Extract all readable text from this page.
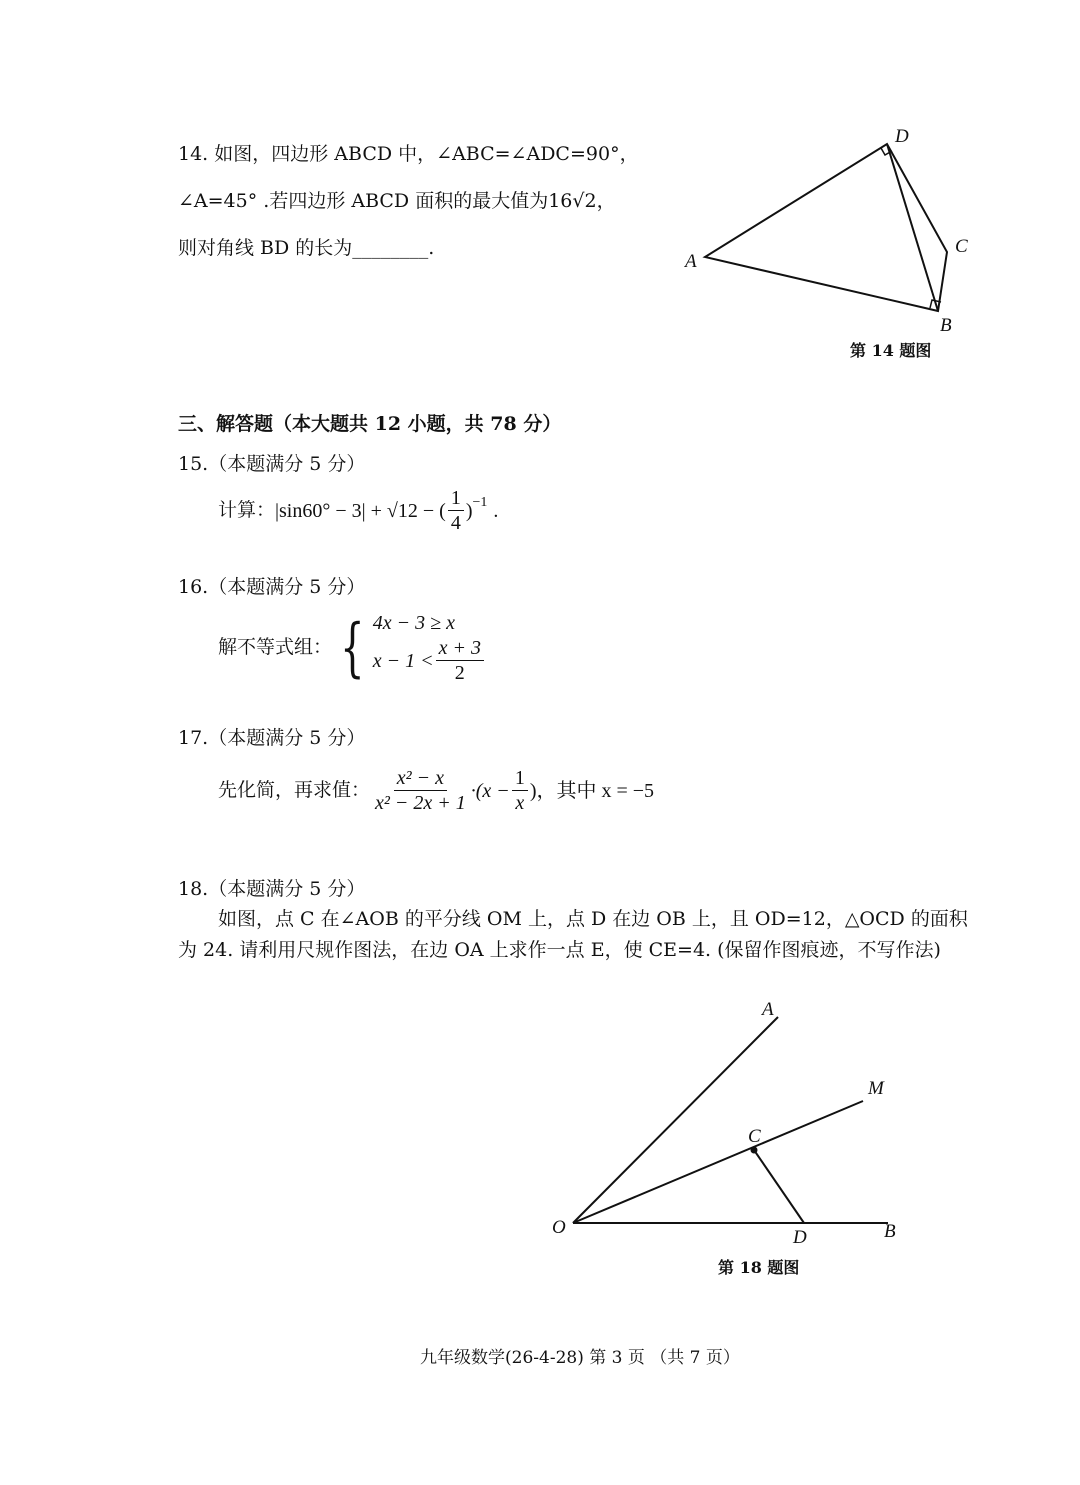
14. 如图，四边形 ABCD 中，∠ABC=∠ADC=90°，
∠A=45° .若四边形 ABCD 面积的最大值为16√2，
则对角线 BD 的长为________.
D
C
A
B
第 14 题图
三、解答题（本大题共 12 小题，共 78 分）
15.（本题满分 5 分）
计算： |sin60° − 3| + √12 − ( $\frac{1}{4} )^{-1}$ .
16.（本题满分 5 分）
解不等式组： { 4x − 3 ≥ x
$x - 1 < \frac{x + 3}{2}$
17.（本题满分 5 分）
先化简，再求值： $\frac{\text{x² − x}}{\text{x² − 2x + 1}} \cdot(x - \frac{1}{x}$ )，其中 x = −5
18.（本题满分 5 分）
如图，点 C 在∠AOB 的平分线 OM 上，点 D 在边 OB 上，且 OD=12，△OCD 的面积
为 24. 请利用尺规作图法，在边 OA 上求作一点 E，使 CE=4. (保留作图痕迹，不写作法)
A
M
C
O	D	B
第 18 题图
九年级数学(26-4-28) 第 3 页 （共 7 页）
